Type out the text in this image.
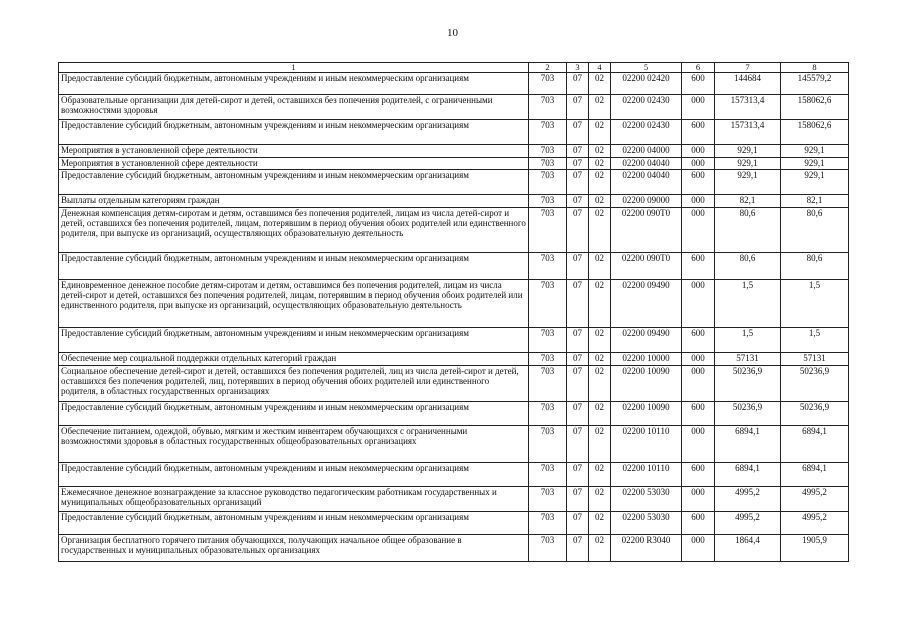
10
1	2	3	4	5	6	7	8
Предоставление субсидий бюджетным, автономным учреждениям и иным некоммерческим организациям	703	07	02	02200 02420	600	144684	145579,2
Образовательные организации для детей-сирот и детей, оставшихся без попечения родителей, с ограниченными возможностями здоровья	703	07	02	02200 02430	000	157313,4	158062,6
Предоставление субсидий бюджетным, автономным учреждениям и иным некоммерческим организациям	703	07	02	02200 02430	600	157313,4	158062,6
Мероприятия в установленной сфере деятельности	703	07	02	02200 04000	000	929,1	929,1
Мероприятия в установленной сфере деятельности	703	07	02	02200 04040	000	929,1	929,1
Предоставление субсидий бюджетным, автономным учреждениям и иным некоммерческим организациям	703	07	02	02200 04040	600	929,1	929,1
Выплаты отдельным категориям граждан	703	07	02	02200 09000	000	82,1	82,1
Денежная компенсация детям-сиротам и детям, оставшимся без попечения родителей, лицам из числа детей-сирот и детей, оставшихся без попечения родителей, лицам, потерявшим в период обучения обоих родителей или единственного родителя, при выпуске из организаций, осуществляющих образовательную деятельность	703	07	02	02200 090Т0	000	80,6	80,6
Предоставление субсидий бюджетным, автономным учреждениям и иным некоммерческим организациям	703	07	02	02200 090Т0	600	80,6	80,6
Единовременное денежное пособие детям-сиротам и детям, оставшимся без попечения родителей, лицам из числа детей-сирот и детей, оставшихся без попечения родителей, лицам, потерявшим в период обучения обоих родителей или единственного родителя, при выпуске из организаций, осуществляющих образовательную деятельность	703	07	02	02200 09490	000	1,5	1,5
Предоставление субсидий бюджетным, автономным учреждениям и иным некоммерческим организациям	703	07	02	02200 09490	600	1,5	1,5
Обеспечение мер социальной поддержки отдельных категорий граждан	703	07	02	02200 10000	000	57131	57131
Социальное обеспечение детей-сирот и детей, оставшихся без попечения родителей, лиц из числа детей-сирот и детей, оставшихся без попечения родителей, лиц, потерявших в период обучения обоих родителей или единственного родителя, в областных государственных организациях	703	07	02	02200 10090	000	50236,9	50236,9
Предоставление субсидий бюджетным, автономным учреждениям и иным некоммерческим организациям	703	07	02	02200 10090	600	50236,9	50236,9
Обеспечение питанием, одеждой, обувью, мягким и жестким инвентарем обучающихся с ограниченными возможностями здоровья в областных государственных общеобразовательных организациях	703	07	02	02200 10110	000	6894,1	6894,1
Предоставление субсидий бюджетным, автономным учреждениям и иным некоммерческим организациям	703	07	02	02200 10110	600	6894,1	6894,1
Ежемесячное денежное вознаграждение за классное руководство педагогическим работникам государственных и муниципальных общеобразовательных организаций	703	07	02	02200 53030	000	4995,2	4995,2
Предоставление субсидий бюджетным, автономным учреждениям и иным некоммерческим организациям	703	07	02	02200 53030	600	4995,2	4995,2
Организация бесплатного горячего питания обучающихся, получающих начальное общее образование в государственных и муниципальных образовательных организациях	703	07	02	02200 R3040	000	1864,4	1905,9
